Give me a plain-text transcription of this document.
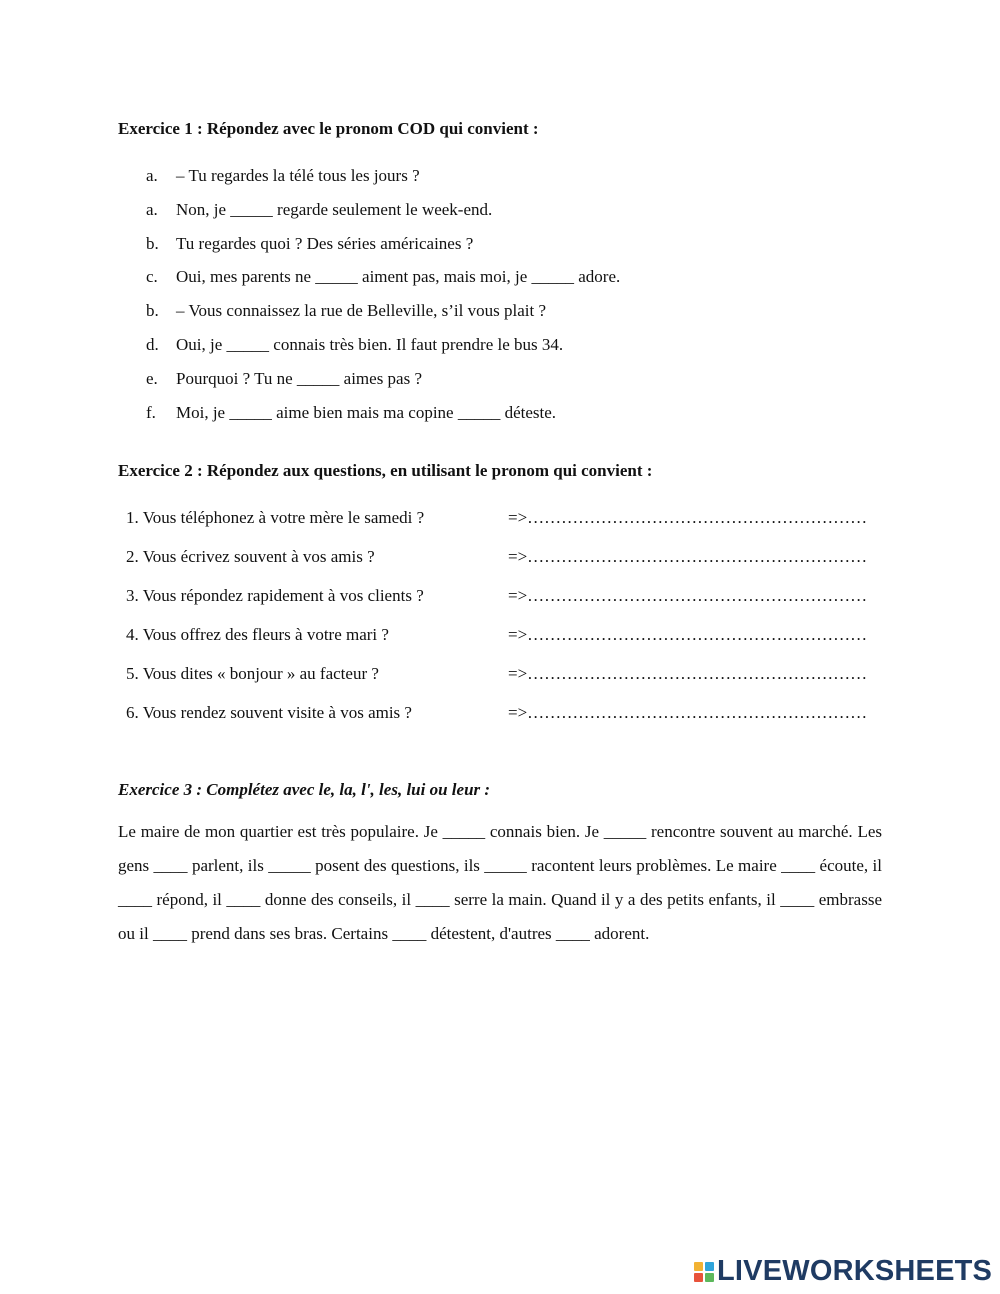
Exercice 1 : Répondez avec le pronom COD qui convient :
a. – Tu regardes la télé tous les jours ?
a. Non, je _____ regarde seulement le week-end.
b. Tu regardes quoi ? Des séries américaines ?
c. Oui, mes parents ne _____ aiment pas, mais moi, je _____ adore.
b. – Vous connaissez la rue de Belleville, s’il vous plait ?
d. Oui, je _____ connais très bien. Il faut prendre le bus 34.
e. Pourquoi ? Tu ne _____ aimes pas ?
f. Moi, je _____ aime bien mais ma copine _____ déteste.
Exercice 2 : Répondez aux questions, en utilisant le pronom qui convient :
1. Vous téléphonez à votre mère le samedi ?	=>……………………………………………………
2. Vous écrivez souvent à vos amis ?	=>……………………………………………………
3. Vous répondez rapidement à vos clients ?	=>……………………………………………………
4. Vous offrez des fleurs à votre mari ?	=>……………………………………………………
5. Vous dites « bonjour » au facteur ?	=>……………………………………………………
6. Vous rendez souvent visite à vos amis ?	=>……………………………………………………
Exercice 3 : Complétez avec le, la, l', les, lui ou leur :

Le maire de mon quartier est très populaire. Je _____ connais bien. Je _____ rencontre souvent au marché. Les gens ____ parlent, ils _____ posent des questions, ils _____ racontent leurs problèmes. Le maire ____ écoute, il ____ répond, il ____ donne des conseils, il ____ serre la main. Quand il y a des petits enfants, il ____ embrasse ou il ____ prend dans ses bras. Certains ____ détestent, d'autres ____ adorent.

LIVEWORKSHEETS
